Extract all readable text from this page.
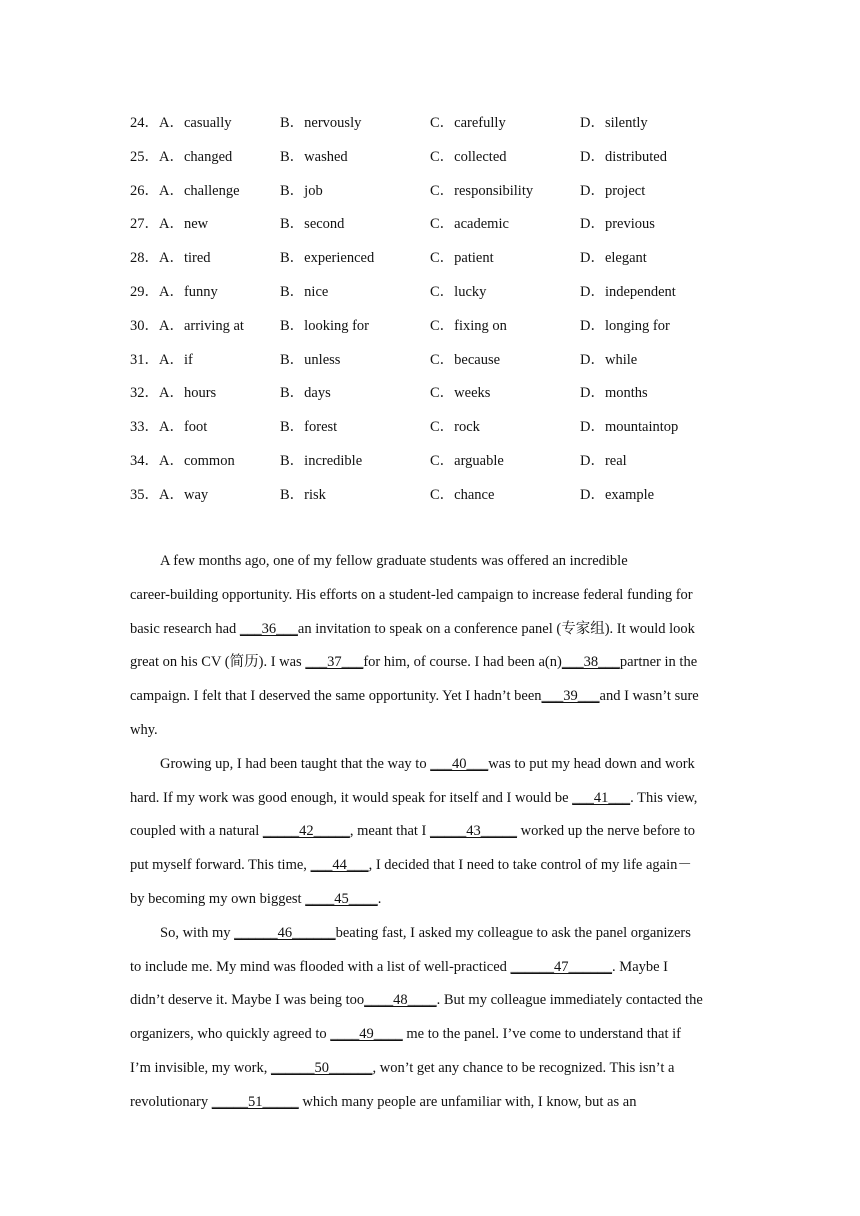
24．A．casually	B．nervously	C．carefully	D．silently
25．A．changed	B．washed	C．collected	D．distributed
26．A．challenge	B．job	C．responsibility	D．project
27．A．new	B．second	C．academic	D．previous
28．A．tired	B．experienced	C．patient	D．elegant
29．A．funny	B．nice	C．lucky	D．independent
30．A．arriving at	B．looking for	C．fixing on	D．longing for
31．A．if	B．unless	C．because	D．while
32．A．hours	B．days	C．weeks	D．months
33．A．foot	B．forest	C．rock	D．mountaintop
34．A．common	B．incredible	C．arguable	D．real
35．A．way	B．risk	C．chance	D．example
A few months ago, one of my fellow graduate students was offered an incredible
career-building opportunity. His efforts on a student-led campaign to increase federal funding for
basic research had ___36___an invitation to speak on a conference panel (专家组). It would look
great on his CV (简历). I was ___37___for him, of course. I had been a(n)___38___partner in the
campaign. I felt that I deserved the same opportunity. Yet I hadn’t been___39___and I wasn’t sure
why.
Growing up, I had been taught that the way to ___40___was to put my head down and work
hard. If my work was good enough, it would speak for itself and I would be ___41___. This view,
coupled with a natural _____42_____, meant that I _____43_____ worked up the nerve before to
put myself forward. This time, ___44___, I decided that I need to take control of my life again－
by becoming my own biggest ____45____.
So, with my ______46______beating fast, I asked my colleague to ask the panel organizers
to include me. My mind was flooded with a list of well-practiced ______47______. Maybe I
didn’t deserve it. Maybe I was being too____48____. But my colleague immediately contacted the
organizers, who quickly agreed to ____49____ me to the panel. I’ve come to understand that if
I’m invisible, my work, ______50______, won’t get any chance to be recognized. This isn’t a
revolutionary _____51_____ which many people are unfamiliar with, I know, but as an
